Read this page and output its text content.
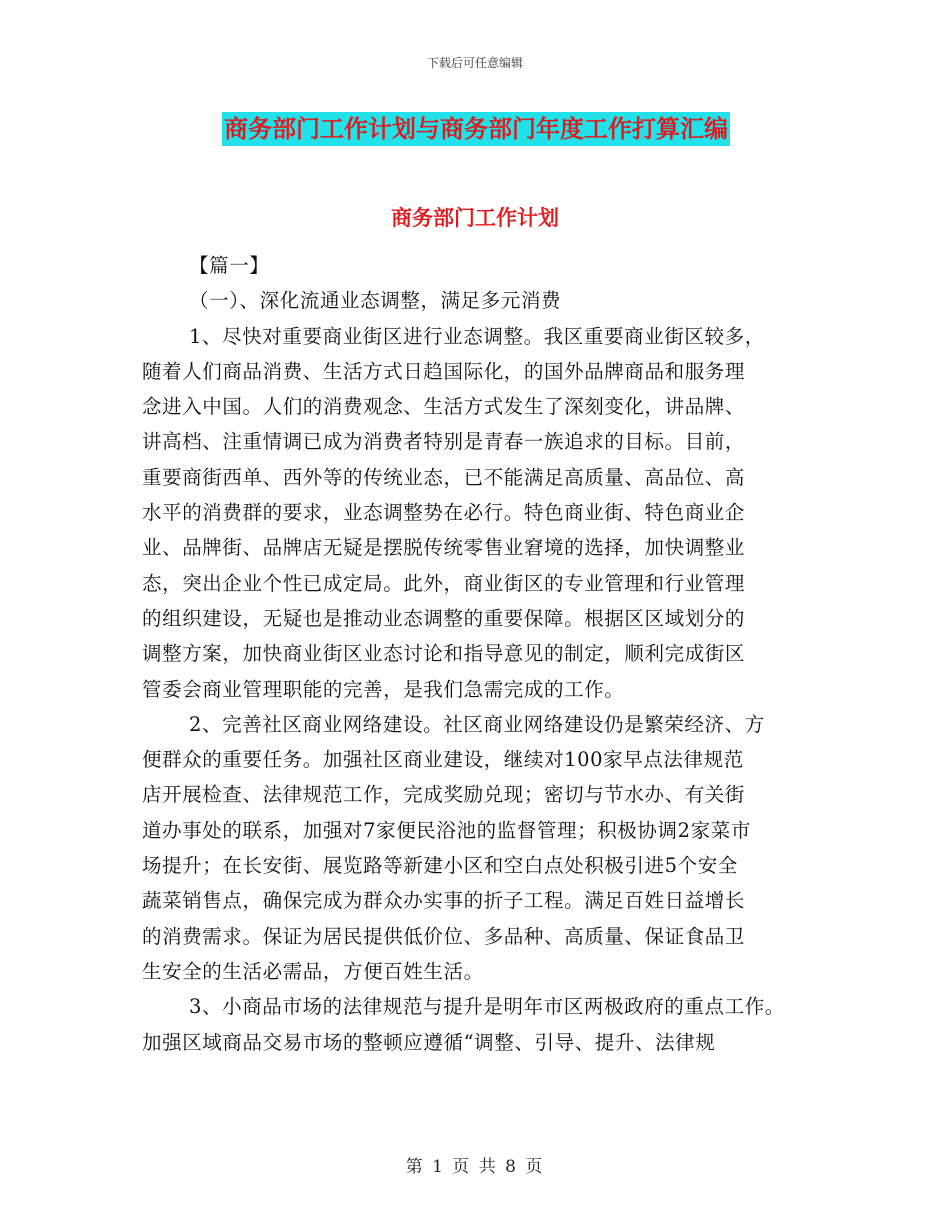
下载后可任意编辑
商务部门工作计划与商务部门年度工作打算汇编
商务部门工作计划
【篇一】
（一）、深化流通业态调整，满足多元消费
1、尽快对重要商业街区进行业态调整。我区重要商业街区较多，
随着人们商品消费、生活方式日趋国际化，的国外品牌商品和服务理
念进入中国。人们的消费观念、生活方式发生了深刻变化，讲品牌、
讲高档、注重情调已成为消费者特别是青春一族追求的目标。目前，
重要商街西单、西外等的传统业态，已不能满足高质量、高品位、高
水平的消费群的要求，业态调整势在必行。特色商业街、特色商业企
业、品牌街、品牌店无疑是摆脱传统零售业窘境的选择，加快调整业
态，突出企业个性已成定局。此外，商业街区的专业管理和行业管理
的组织建设，无疑也是推动业态调整的重要保障。根据区区域划分的
调整方案，加快商业街区业态讨论和指导意见的制定，顺利完成街区
管委会商业管理职能的完善，是我们急需完成的工作。
2、完善社区商业网络建设。社区商业网络建设仍是繁荣经济、方
便群众的重要任务。加强社区商业建设，继续对100家早点法律规范
店开展检查、法律规范工作，完成奖励兑现；密切与节水办、有关街
道办事处的联系，加强对7家便民浴池的监督管理；积极协调2家菜市
场提升；在长安街、展览路等新建小区和空白点处积极引进5个安全
蔬菜销售点，确保完成为群众办实事的折子工程。满足百姓日益增长
的消费需求。保证为居民提供低价位、多品种、高质量、保证食品卫
生安全的生活必需品，方便百姓生活。
3、小商品市场的法律规范与提升是明年市区两极政府的重点工作。
加强区域商品交易市场的整顿应遵循“调整、引导、提升、法律规
第 1 页 共 8 页
